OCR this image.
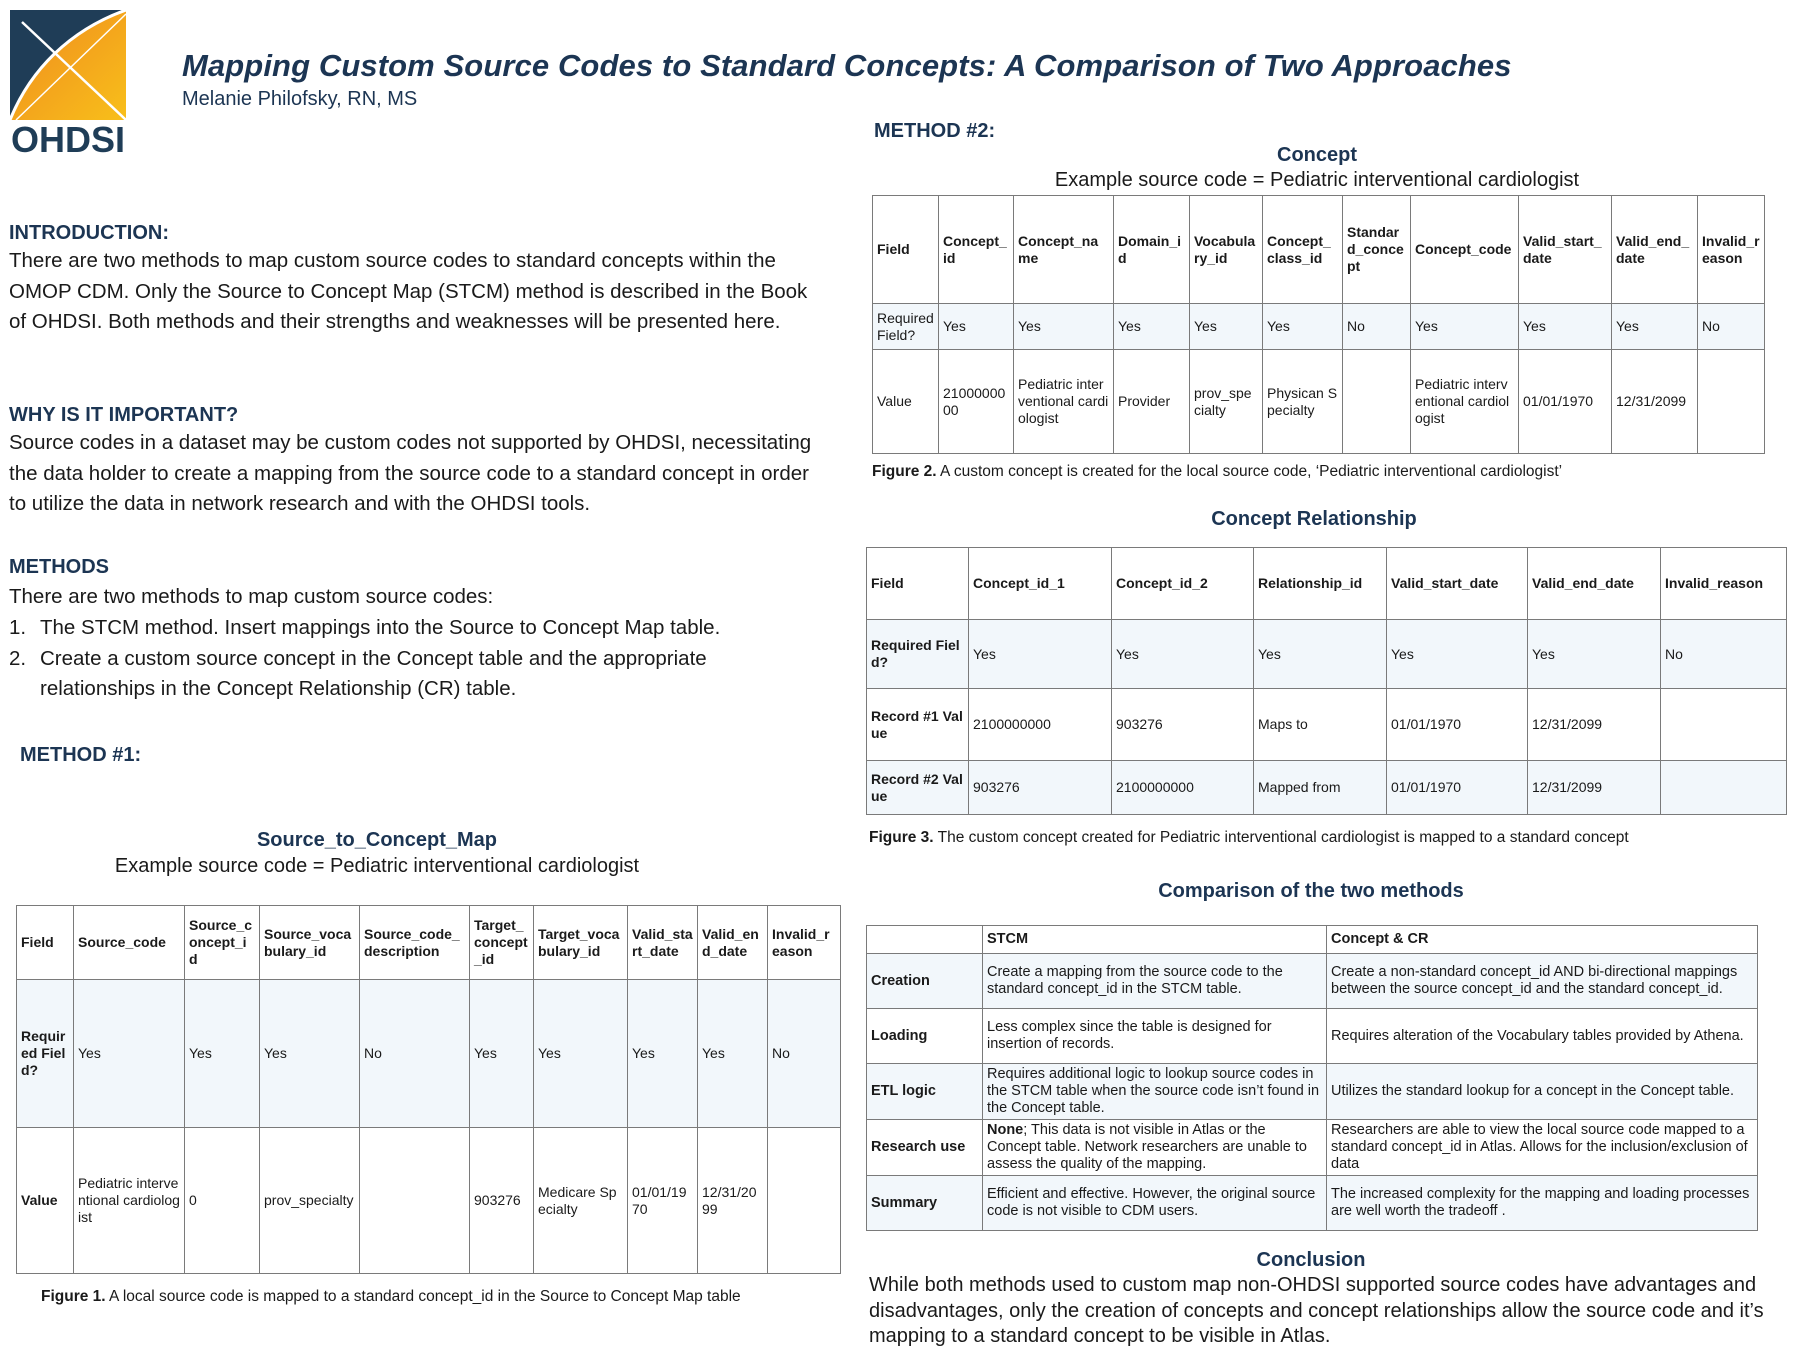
OHDSI
Mapping Custom Source Codes to Standard Concepts: A Comparison of Two Approaches
Melanie Philofsky, RN, MS
INTRODUCTION:
There are two methods to map custom source codes to standard concepts within the OMOP CDM. Only the Source to Concept Map (STCM) method is described in the Book of OHDSI. Both methods and their strengths and weaknesses will be presented here.
WHY IS IT IMPORTANT?
Source codes in a dataset may be custom codes not supported by OHDSI, necessitating the data holder to create a mapping from the source code to a standard concept in order to utilize the data in network research and with the OHDSI tools.
METHODS
There are two methods to map custom source codes:
1. The STCM method. Insert mappings into the Source to Concept Map table.
2. Create a custom source concept in the Concept table and the appropriate relationships in the Concept Relationship (CR) table.
METHOD #1:
Source_to_Concept_Map
Example source code = Pediatric interventional cardiologist
Field	Source_code	Source_concept_id	Source_vocabulary_id	Source_code_description	Target_concept_id	Target_vocabulary_id	Valid_start_date	Valid_end_date	Invalid_reason
Required Field?	Yes	Yes	Yes	No	Yes	Yes	Yes	Yes	No
Value	Pediatric interventional cardiologist	0	prov_specialty		903276	Medicare Specialty	01/01/1970	12/31/2099	
Figure 1. A local source code is mapped to a standard concept_id in the Source to Concept Map table
METHOD #2:
Concept
Example source code = Pediatric interventional cardiologist
Field	Concept_id	Concept_name	Domain_id	Vocabulary_id	Concept_class_id	Standard_concept	Concept_code	Valid_start_date	Valid_end_date	Invalid_reason
Required Field?	Yes	Yes	Yes	Yes	Yes	No	Yes	Yes	Yes	No
Value	2100000000	Pediatric interventional cardiologist	Provider	prov_specialty	Physican Specialty		Pediatric interventional cardiologist	01/01/1970	12/31/2099	
Figure 2. A custom concept is created for the local source code, ‘Pediatric interventional cardiologist’
Concept Relationship
Field	Concept_id_1	Concept_id_2	Relationship_id	Valid_start_date	Valid_end_date	Invalid_reason
Required Field?	Yes	Yes	Yes	Yes	Yes	No
Record #1 Value	2100000000	903276	Maps to	01/01/1970	12/31/2099	
Record #2 Value	903276	2100000000	Mapped from	01/01/1970	12/31/2099	
Figure 3. The custom concept created for Pediatric interventional cardiologist is mapped to a standard concept
Comparison of the two methods
	STCM	Concept & CR
Creation	Create a mapping from the source code to the standard concept_id in the STCM table.	Create a non-standard concept_id AND bi-directional mappings between the source concept_id and the standard concept_id.
Loading	Less complex since the table is designed for insertion of records.	Requires alteration of the Vocabulary tables provided by Athena.
ETL logic	Requires additional logic to lookup source codes in the STCM table when the source code isn’t found in the Concept table.	Utilizes the standard lookup for a concept in the Concept table.
Research use	None; This data is not visible in Atlas or the Concept table. Network researchers are unable to assess the quality of the mapping.	Researchers are able to view the local source code mapped to a standard concept_id in Atlas. Allows for the inclusion/exclusion of data
Summary	Efficient and effective. However, the original source code is not visible to CDM users.	The increased complexity for the mapping and loading processes are well worth the tradeoff .
Conclusion
While both methods used to custom map non-OHDSI supported source codes have advantages and disadvantages, only the creation of concepts and concept relationships allow the source code and it’s mapping to a standard concept to be visible in Atlas.
